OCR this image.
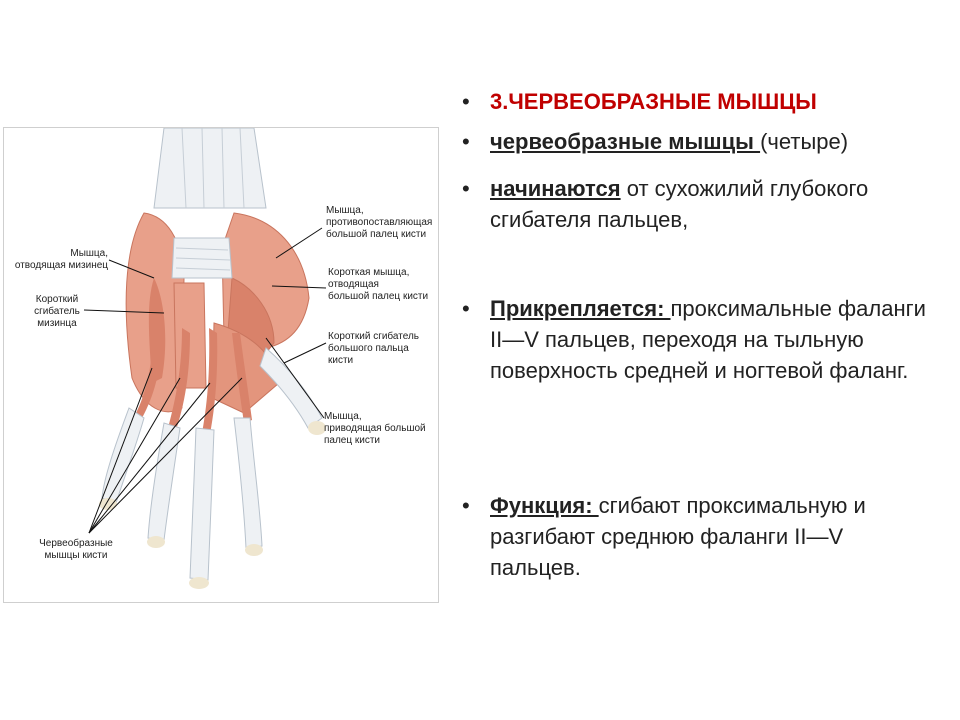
Мышца,
противопоставляющая
большой палец кисти
Мышца,
отводящая мизинец
Короткая мышца,
отводящая
большой палец кисти
Короткий
сгибатель
мизинца
Короткий сгибатель
большого пальца
кисти
Мышца,
приводящая большой
палец кисти
Червеобразные
мышцы кисти
• 3.ЧЕРВЕОБРАЗНЫЕ МЫШЦЫ
• червеобразные мышцы (четыре)
• начинаются от сухожилий глубокого сгибателя пальцев,
• Прикрепляется: проксимальные фаланги II—V пальцев, переходя на тыльную поверхность средней и ногтевой фаланг.
• Функция: сгибают проксимальную и разгибают среднюю фаланги II—V пальцев.
